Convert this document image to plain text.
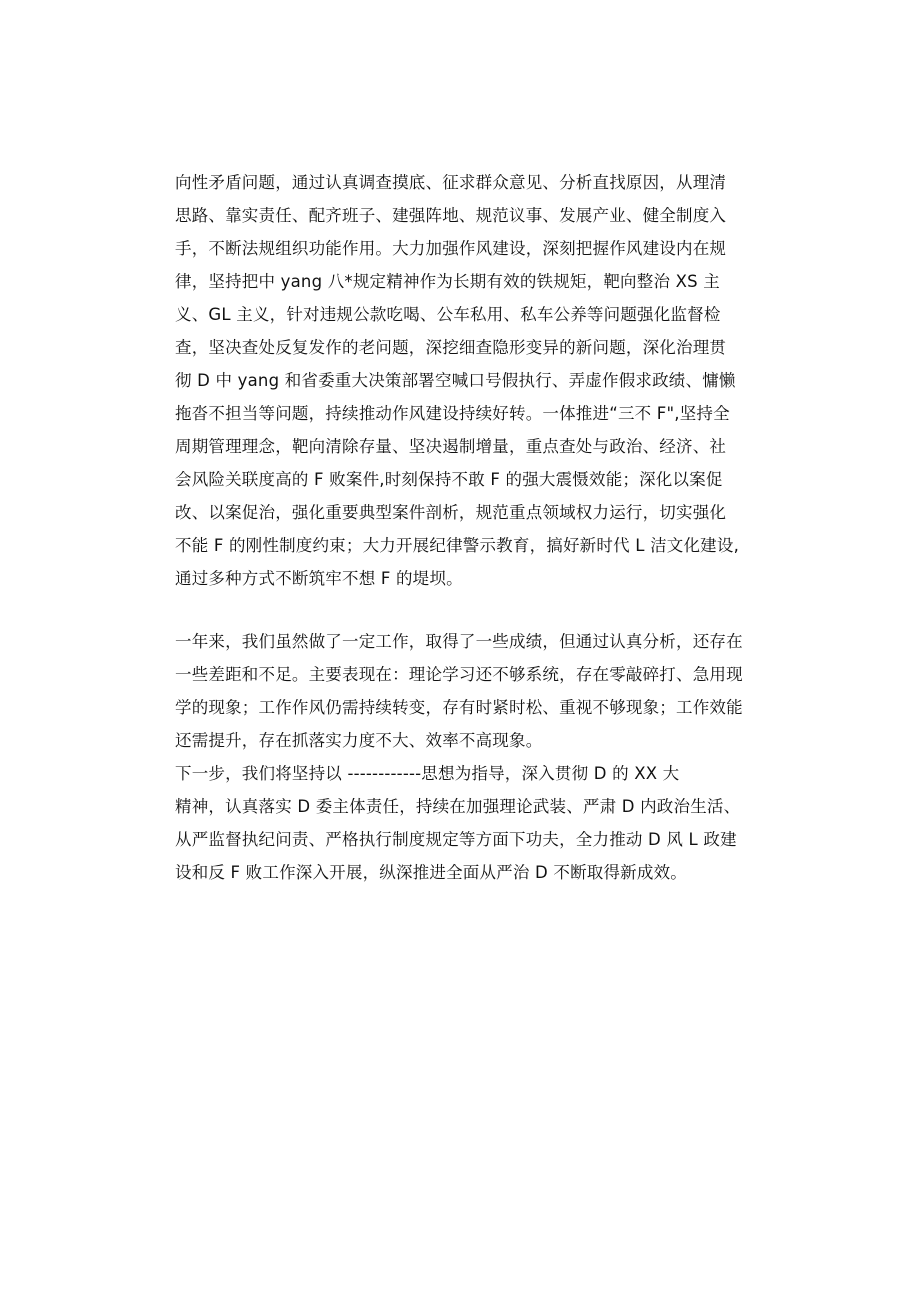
向性矛盾问题，通过认真调查摸底、征求群众意见、分析直找原因，从理清
思路、靠实责任、配齐班子、建强阵地、规范议事、发展产业、健全制度入
手，不断法规组织功能作用。大力加强作风建设，深刻把握作风建设内在规
律，坚持把中 yang 八*规定精神作为长期有效的铁规矩，靶向整治 XS 主
义、GL 主义，针对违规公款吃喝、公车私用、私车公养等问题强化监督检
查，坚决查处反复发作的老问题，深挖细查隐形变异的新问题，深化治理贯
彻 D 中 yang 和省委重大决策部署空喊口号假执行、弄虚作假求政绩、慵懒
拖沓不担当等问题，持续推动作风建设持续好转。一体推进“三不 F",坚持全
周期管理理念，靶向清除存量、坚决遏制增量，重点查处与政治、经济、社
会风险关联度高的 F 败案件,时刻保持不敢 F 的强大震慑效能；深化以案促
改、以案促治，强化重要典型案件剖析，规范重点领域权力运行，切实强化
不能 F 的刚性制度约束；大力开展纪律警示教育，搞好新时代 L 洁文化建设,
通过多种方式不断筑牢不想 F 的堤坝。
一年来，我们虽然做了一定工作，取得了一些成绩，但通过认真分析，还存在
一些差距和不足。主要表现在：理论学习还不够系统，存在零敲碎打、急用现
学的现象；工作作风仍需持续转变，存有时紧时松、重视不够现象；工作效能
还需提升，存在抓落实力度不大、效率不高现象。
下一步，我们将坚持以 ------------思想为指导，深入贯彻 D 的 XX 大
精神，认真落实 D 委主体责任，持续在加强理论武装、严肃 D 内政治生活、
从严监督执纪问责、严格执行制度规定等方面下功夫，全力推动 D 风 L 政建
设和反 F 败工作深入开展，纵深推进全面从严治 D 不断取得新成效。
